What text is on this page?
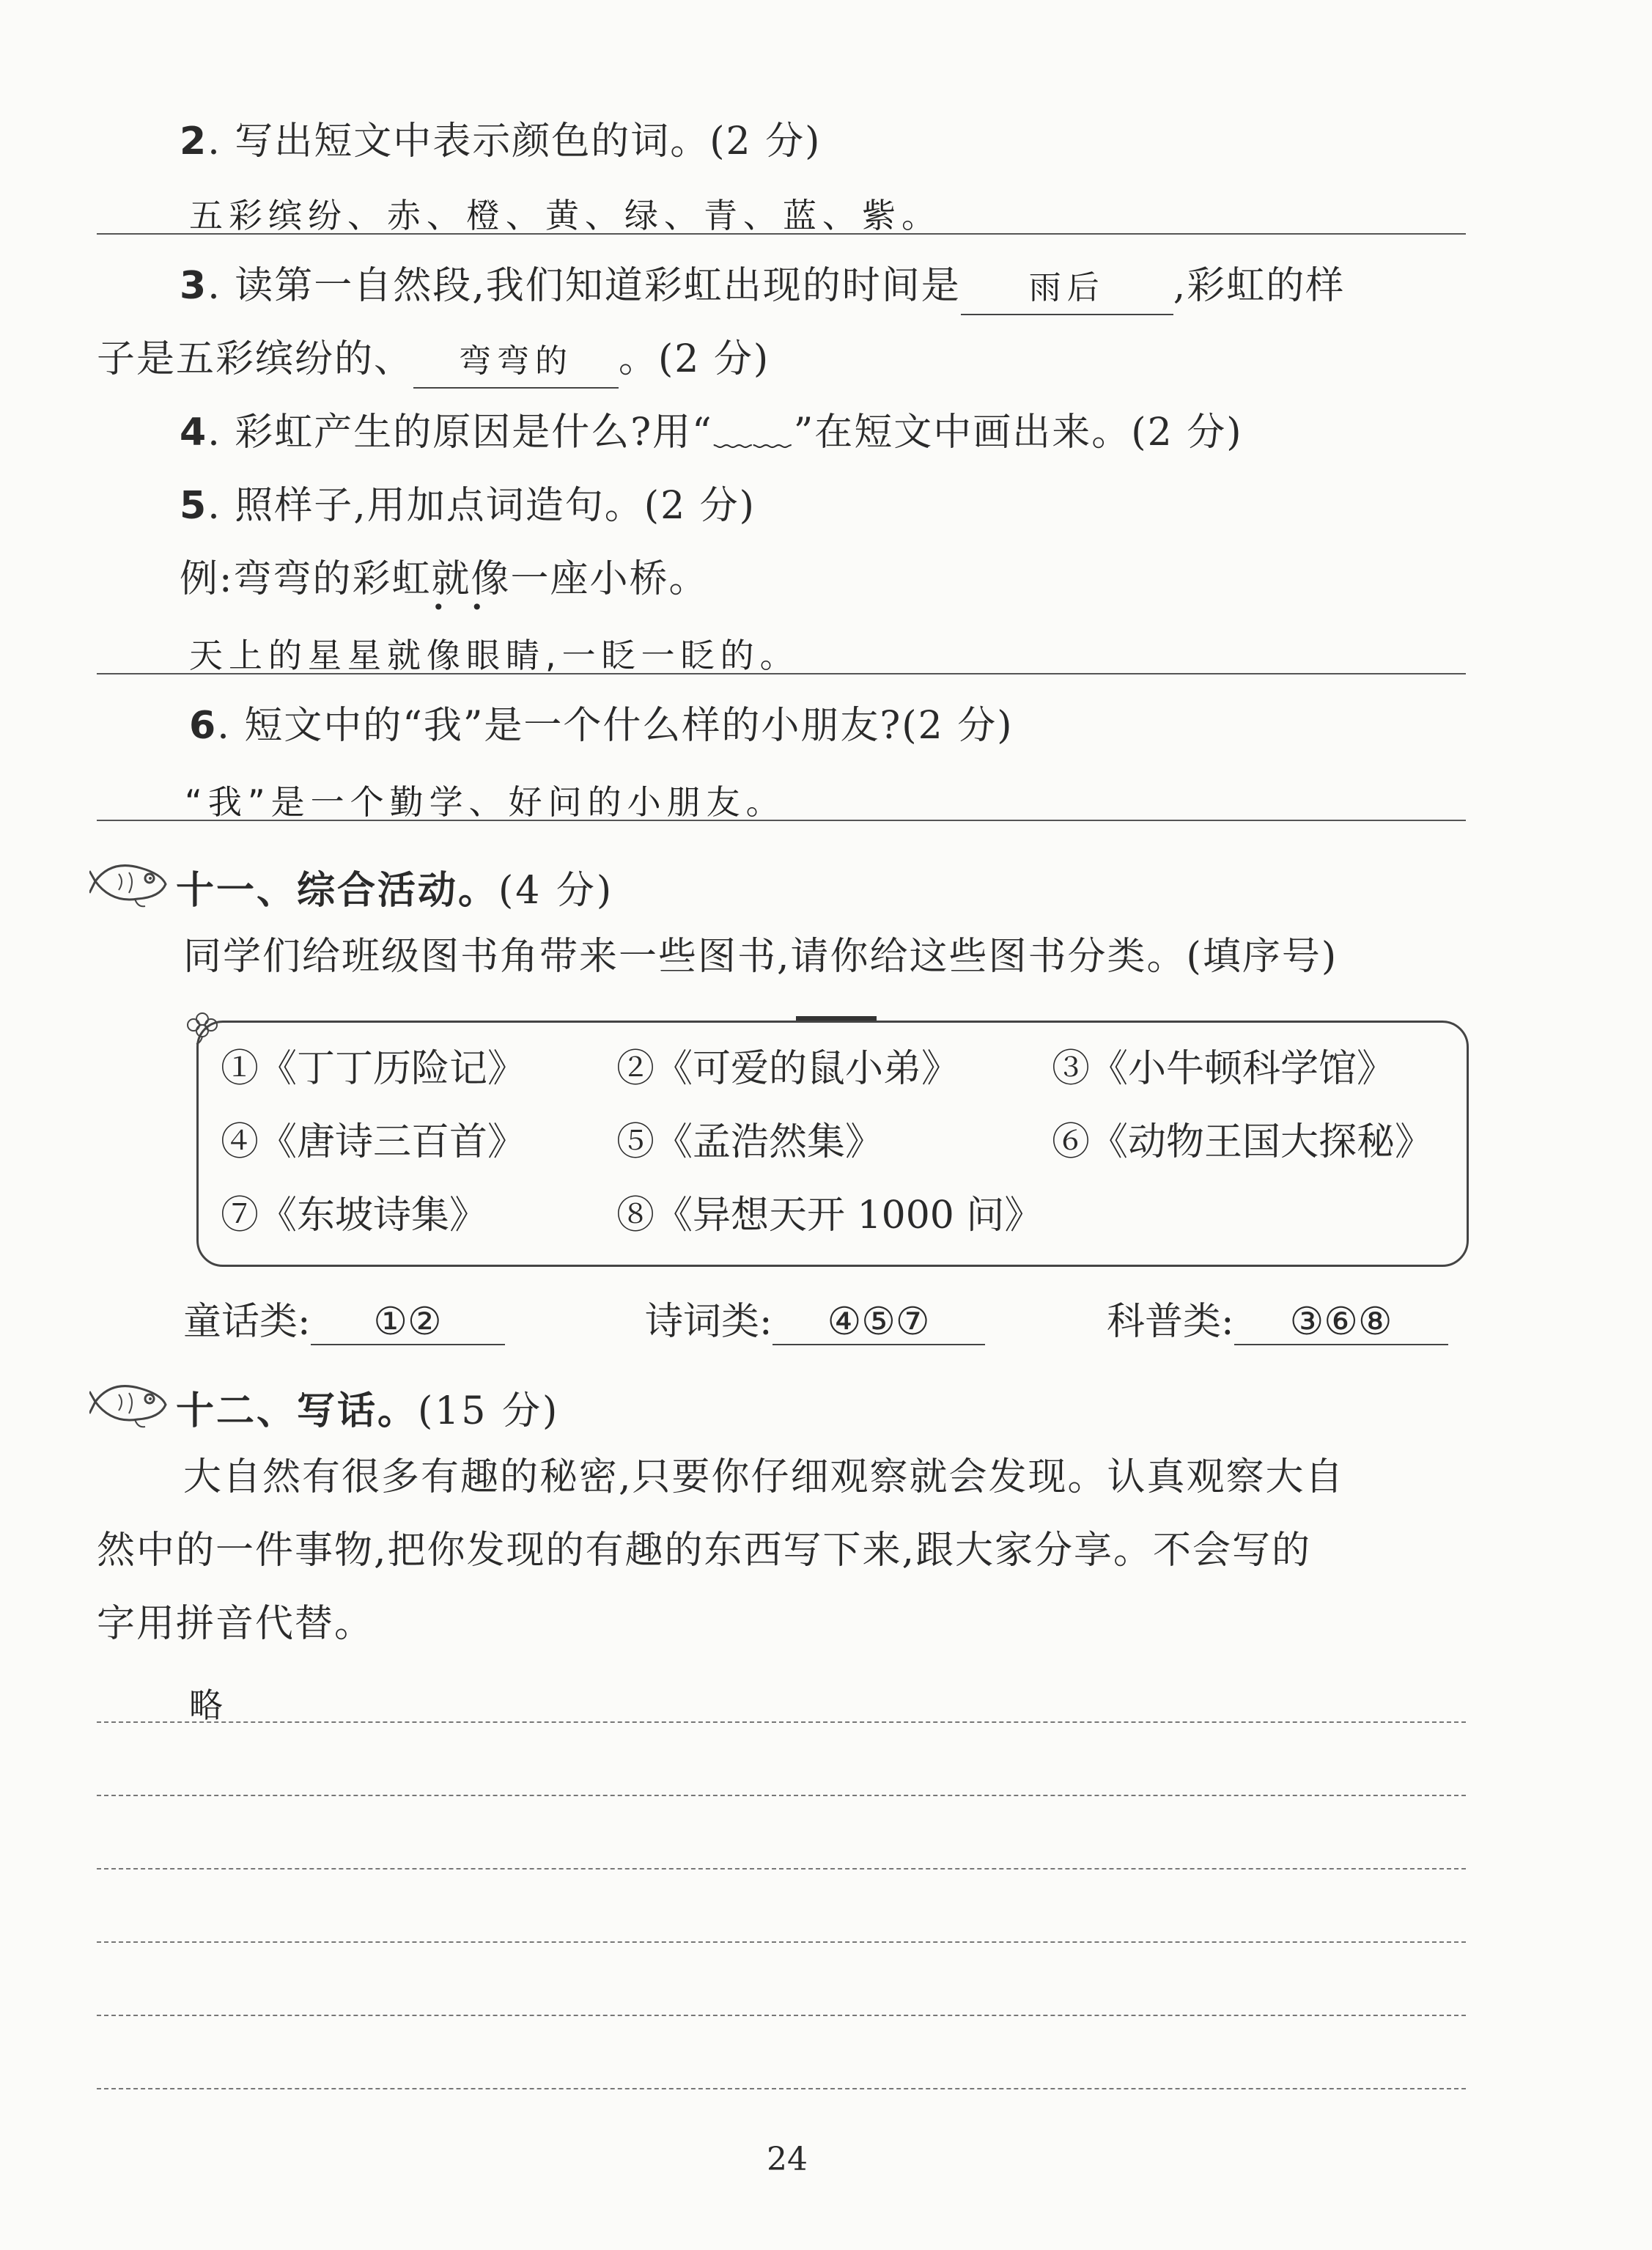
2. 写出短文中表示颜色的词。(2 分)
五彩缤纷、赤、橙、黄、绿、青、蓝、紫。
3. 读第一自然段,我们知道彩虹出现的时间是 雨后 ,彩虹的样
子是五彩缤纷的、 弯弯的 。(2 分)
4. 彩虹产生的原因是什么?用“﹏﹏”在短文中画出来。(2 分)
5. 照样子,用加点词造句。(2 分)
例:弯弯的彩虹就像
••
一座小桥。
天上的星星就像眼睛,一眨一眨的。
6. 短文中的“我”是一个什么样的小朋友?(2 分)
“我”是一个勤学、好问的小朋友。
十一、综合活动。(4 分)
同学们给班级图书角带来一些图书,请你给这些图书分类。(填序号)
①《丁丁历险记》 ②《可爱的鼠小弟》 ③《小牛顿科学馆》
④《唐诗三百首》 ⑤《孟浩然集》	⑥《动物王国大探秘》
⑦《东坡诗集》	⑧《异想天开 1000 问》
童话类: ①②	诗词类: ④⑤⑦	科普类: ③⑥⑧
十二、写话。(15 分)
大自然有很多有趣的秘密,只要你仔细观察就会发现。认真观察大自
然中的一件事物,把你发现的有趣的东西写下来,跟大家分享。不会写的
字用拼音代替。
略
24
